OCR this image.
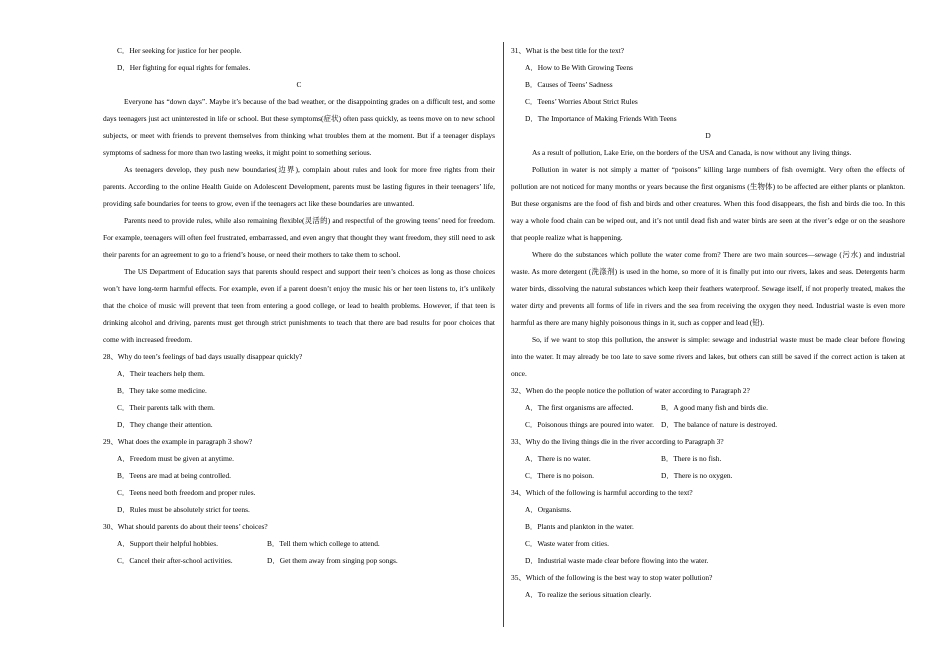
C．Her seeking for justice for her people.
D．Her fighting for equal rights for females.
C
Everyone has “down days”. Maybe it’s because of the bad weather, or the disappointing grades on a difficult test, and some days teenagers just act uninterested in life or school. But these symptoms(症状) often pass quickly, as teens move on to new school subjects, or meet with friends to prevent themselves from thinking what troubles them at the moment. But if a teenager displays symptoms of sadness for more than two lasting weeks, it might point to something serious.
As teenagers develop, they push new boundaries(边界), complain about rules and look for more free rights from their parents. According to the online Health Guide on Adolescent Development, parents must be lasting figures in their teenagers’ life, providing safe boundaries for teens to grow, even if the teenagers act like these boundaries are unwanted.
Parents need to provide rules, while also remaining flexible(灵活的) and respectful of the growing teens’ need for freedom. For example, teenagers will often feel frustrated, embarrassed, and even angry that thought they want freedom, they still need to ask their parents for an agreement to go to a friend’s house, or need their mothers to take them to school.
The US Department of Education says that parents should respect and support their teen’s choices as long as those choices won’t have long-term harmful effects. For example, even if a parent doesn’t enjoy the music his or her teen listens to, it’s unlikely that the choice of music will prevent that teen from entering a good college, or lead to health problems. However, if that teen is drinking alcohol and driving, parents must get through strict punishments to teach that there are bad results for poor choices that come with increased freedom.
28、Why do teen’s feelings of bad days usually disappear quickly?
A．Their teachers help them.
B．They take some medicine.
C．Their parents talk with them.
D．They change their attention.
29、What does the example in paragraph 3 show?
A．Freedom must be given at anytime.
B．Teens are mad at being controlled.
C．Teens need both freedom and proper rules.
D．Rules must be absolutely strict for teens.
30、What should parents do about their teens’ choices?
A．Support their helpful hobbies.	B．Tell them which college to attend.
C．Cancel their after-school activities.	D．Get them away from singing pop songs.
31、What is the best title for the text?
A．How to Be With Growing Teens
B．Causes of Teens’ Sadness
C．Teens’ Worries About Strict Rules
D．The Importance of Making Friends With Teens
D
As a result of pollution, Lake Erie, on the borders of the USA and Canada, is now without any living things.
Pollution in water is not simply a matter of “poisons” killing large numbers of fish overnight. Very often the effects of pollution are not noticed for many months or years because the first organisms (生物体) to be affected are either plants or plankton. But these organisms are the food of fish and birds and other creatures. When this food disappears, the fish and birds die too. In this way a whole food chain can be wiped out, and it’s not until dead fish and water birds are seen at the river’s edge or on the seashore that people realize what is happening.
Where do the substances which pollute the water come from? There are two main sources—sewage (污水) and industrial waste. As more detergent (洗涤剂) is used in the home, so more of it is finally put into our rivers, lakes and seas. Detergents harm water birds, dissolving the natural substances which keep their feathers waterproof. Sewage itself, if not properly treated, makes the water dirty and prevents all forms of life in rivers and the sea from receiving the oxygen they need. Industrial waste is even more harmful as there are many highly poisonous things in it, such as copper and lead (铅).
So, if we want to stop this pollution, the answer is simple: sewage and industrial waste must be made clear before flowing into the water. It may already be too late to save some rivers and lakes, but others can still be saved if the correct action is taken at once.
32、When do the people notice the pollution of water according to Paragraph 2?
A．The first organisms are affected.	B．A good many fish and birds die.
C．Poisonous things are poured into water. D．The balance of nature is destroyed.
33、Why do the living things die in the river according to Paragraph 3?
A．There is no water.	B．There is no fish.
C．There is no poison.	D．There is no oxygen.
34、Which of the following is harmful according to the text?
A．Organisms.
B．Plants and plankton in the water.
C．Waste water from cities.
D．Industrial waste made clear before flowing into the water.
35、Which of the following is the best way to stop water pollution?
A．To realize the serious situation clearly.
